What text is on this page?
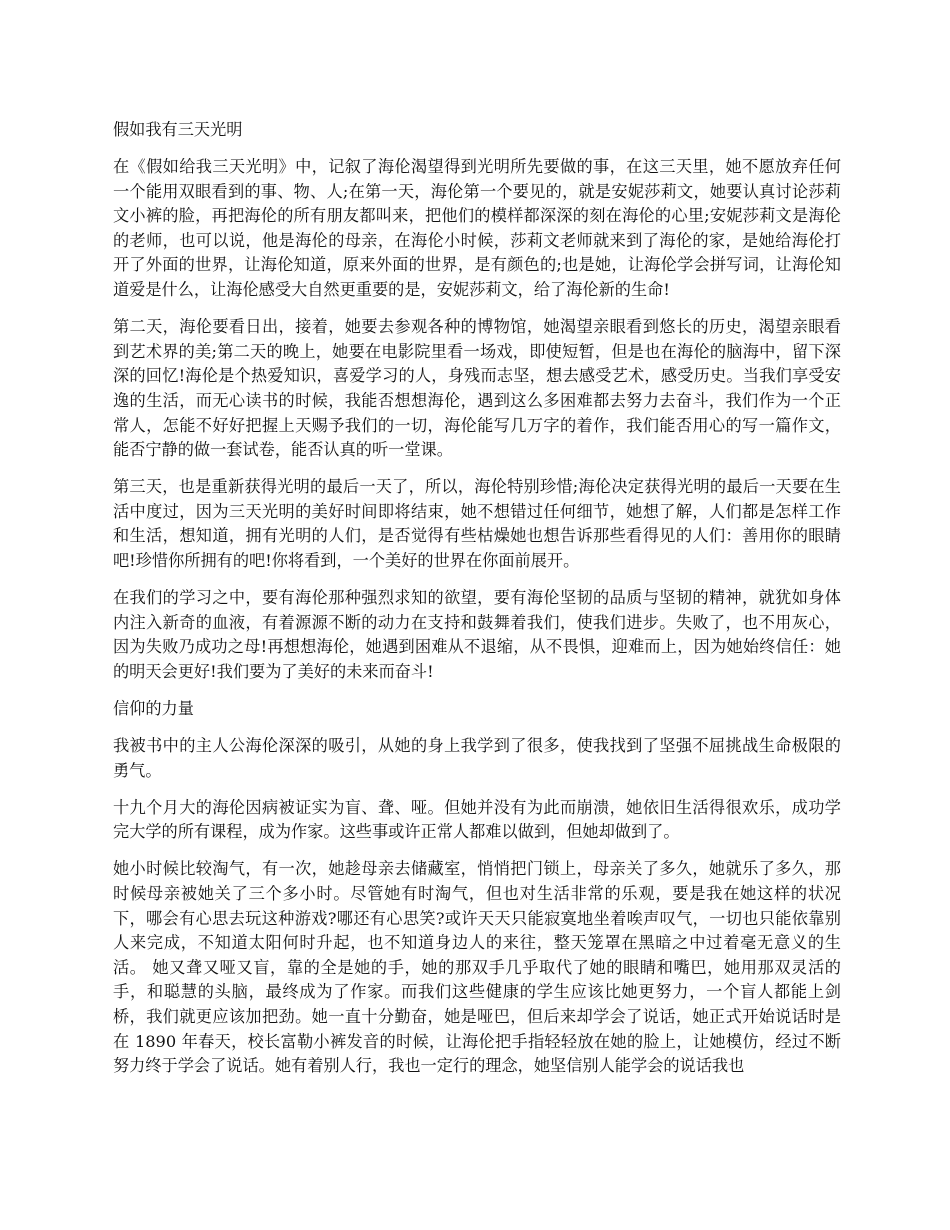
假如我有三天光明

在《假如给我三天光明》中，记叙了海伦渴望得到光明所先要做的事，在这三天里，她不愿放弃任何一个能用双眼看到的事、物、人;在第一天，海伦第一个要见的，就是安妮莎莉文，她要认真讨论莎莉文小裤的脸，再把海伦的所有朋友都叫来，把他们的模样都深深的刻在海伦的心里;安妮莎莉文是海伦的老师，也可以说，他是海伦的母亲，在海伦小时候，莎莉文老师就来到了海伦的家，是她给海伦打开了外面的世界，让海伦知道，原来外面的世界，是有颜色的;也是她，让海伦学会拼写词，让海伦知道爱是什么，让海伦感受大自然更重要的是，安妮莎莉文，给了海伦新的生命!

第二天，海伦要看日出，接着，她要去参观各种的博物馆，她渴望亲眼看到悠长的历史，渴望亲眼看到艺术界的美;第二天的晚上，她要在电影院里看一场戏，即使短暂，但是也在海伦的脑海中，留下深深的回忆!海伦是个热爱知识，喜爱学习的人，身残而志坚，想去感受艺术，感受历史。当我们享受安逸的生活，而无心读书的时候，我能否想想海伦，遇到这么多困难都去努力去奋斗，我们作为一个正常人，怎能不好好把握上天赐予我们的一切，海伦能写几万字的着作，我们能否用心的写一篇作文，能否宁静的做一套试卷，能否认真的听一堂课。

第三天，也是重新获得光明的最后一天了，所以，海伦特别珍惜;海伦决定获得光明的最后一天要在生活中度过，因为三天光明的美好时间即将结束，她不想错过任何细节，她想了解，人们都是怎样工作和生活，想知道，拥有光明的人们，是否觉得有些枯燥她也想告诉那些看得见的人们：善用你的眼睛吧!珍惜你所拥有的吧!你将看到，一个美好的世界在你面前展开。

在我们的学习之中，要有海伦那种强烈求知的欲望，要有海伦坚韧的品质与坚韧的精神，就犹如身体内注入新奇的血液，有着源源不断的动力在支持和鼓舞着我们，使我们进步。失败了，也不用灰心，因为失败乃成功之母!再想想海伦，她遇到困难从不退缩，从不畏惧，迎难而上，因为她始终信任：她的明天会更好!我们要为了美好的未来而奋斗!

信仰的力量

我被书中的主人公海伦深深的吸引，从她的身上我学到了很多，使我找到了坚强不屈挑战生命极限的勇气。

十九个月大的海伦因病被证实为盲、聋、哑。但她并没有为此而崩溃，她依旧生活得很欢乐，成功学完大学的所有课程，成为作家。这些事或许正常人都难以做到，但她却做到了。

她小时候比较淘气，有一次，她趁母亲去储藏室，悄悄把门锁上，母亲关了多久，她就乐了多久，那时候母亲被她关了三个多小时。尽管她有时淘气，但也对生活非常的乐观，要是我在她这样的状况下，哪会有心思去玩这种游戏?哪还有心思笑?或许天天只能寂寞地坐着唉声叹气，一切也只能依靠别人来完成，不知道太阳何时升起，也不知道身边人的来往，整天笼罩在黑暗之中过着毫无意义的生活。 她又聋又哑又盲，靠的全是她的手，她的那双手几乎取代了她的眼睛和嘴巴，她用那双灵活的手，和聪慧的头脑，最终成为了作家。而我们这些健康的学生应该比她更努力，一个盲人都能上剑桥，我们就更应该加把劲。她一直十分勤奋，她是哑巴，但后来却学会了说话，她正式开始说话时是在 1890 年春天，校长富勒小裤发音的时候，让海伦把手指轻轻放在她的脸上，让她模仿，经过不断努力终于学会了说话。她有着别人行，我也一定行的理念，她坚信别人能学会的说话我也
